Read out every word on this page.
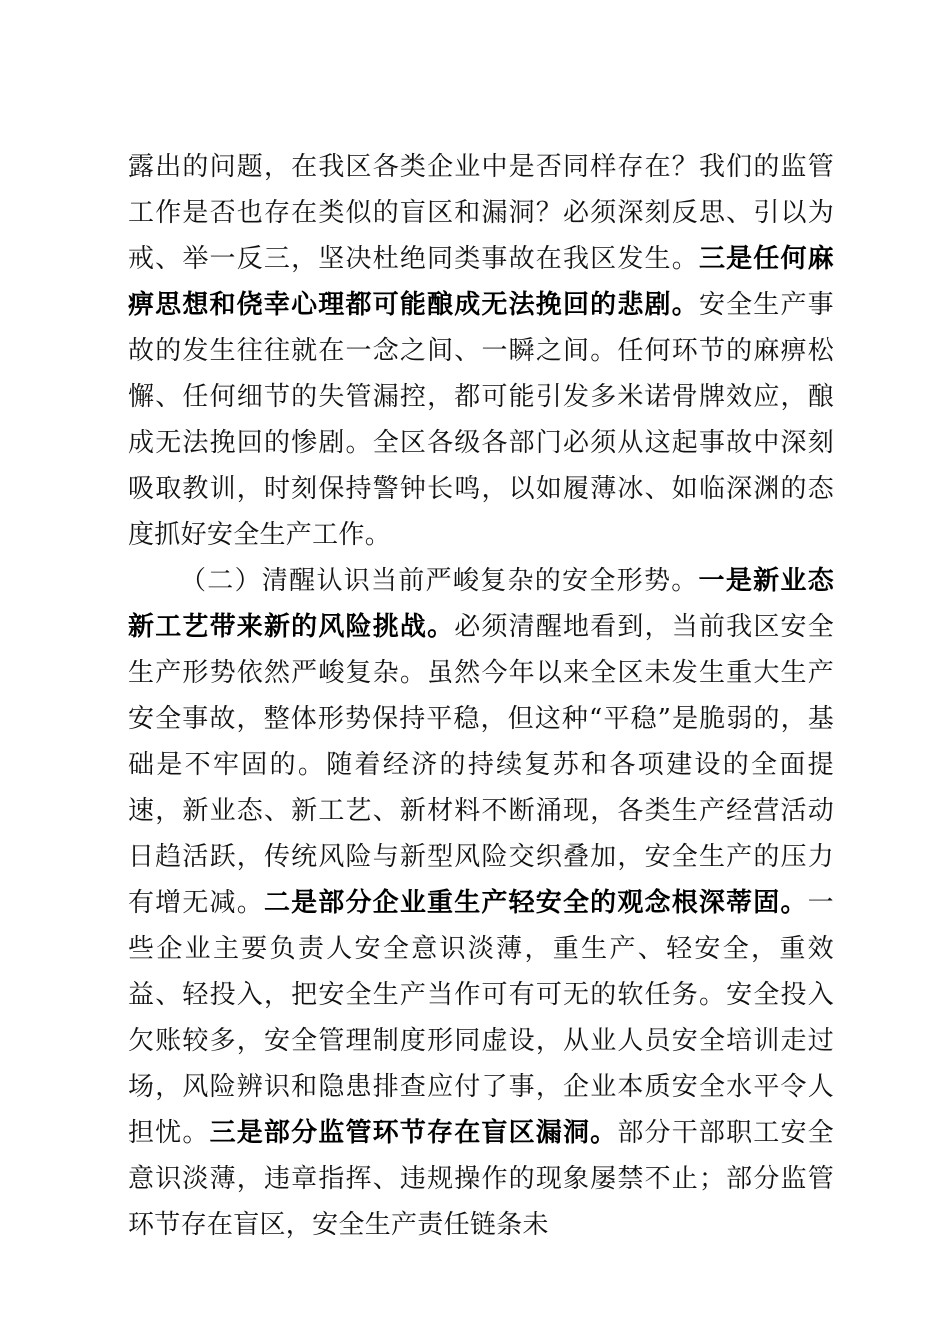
露出的问题，在我区各类企业中是否同样存在？我们的监管工作是否也存在类似的盲区和漏洞？必须深刻反思、引以为戒、举一反三，坚决杜绝同类事故在我区发生。三是任何麻痹思想和侥幸心理都可能酿成无法挽回的悲剧。安全生产事故的发生往往就在一念之间、一瞬之间。任何环节的麻痹松懈、任何细节的失管漏控，都可能引发多米诺骨牌效应，酿成无法挽回的惨剧。全区各级各部门必须从这起事故中深刻吸取教训，时刻保持警钟长鸣，以如履薄冰、如临深渊的态度抓好安全生产工作。

（二）清醒认识当前严峻复杂的安全形势。一是新业态新工艺带来新的风险挑战。必须清醒地看到，当前我区安全生产形势依然严峻复杂。虽然今年以来全区未发生重大生产安全事故，整体形势保持平稳，但这种“平稳”是脆弱的，基础是不牢固的。随着经济的持续复苏和各项建设的全面提速，新业态、新工艺、新材料不断涌现，各类生产经营活动日趋活跃，传统风险与新型风险交织叠加，安全生产的压力有增无减。二是部分企业重生产轻安全的观念根深蒂固。一些企业主要负责人安全意识淡薄，重生产、轻安全，重效益、轻投入，把安全生产当作可有可无的软任务。安全投入欠账较多，安全管理制度形同虚设，从业人员安全培训走过场，风险辨识和隐患排查应付了事，企业本质安全水平令人担忧。三是部分监管环节存在盲区漏洞。部分干部职工安全意识淡薄，违章指挥、违规操作的现象屡禁不止；部分监管环节存在盲区，安全生产责任链条未
